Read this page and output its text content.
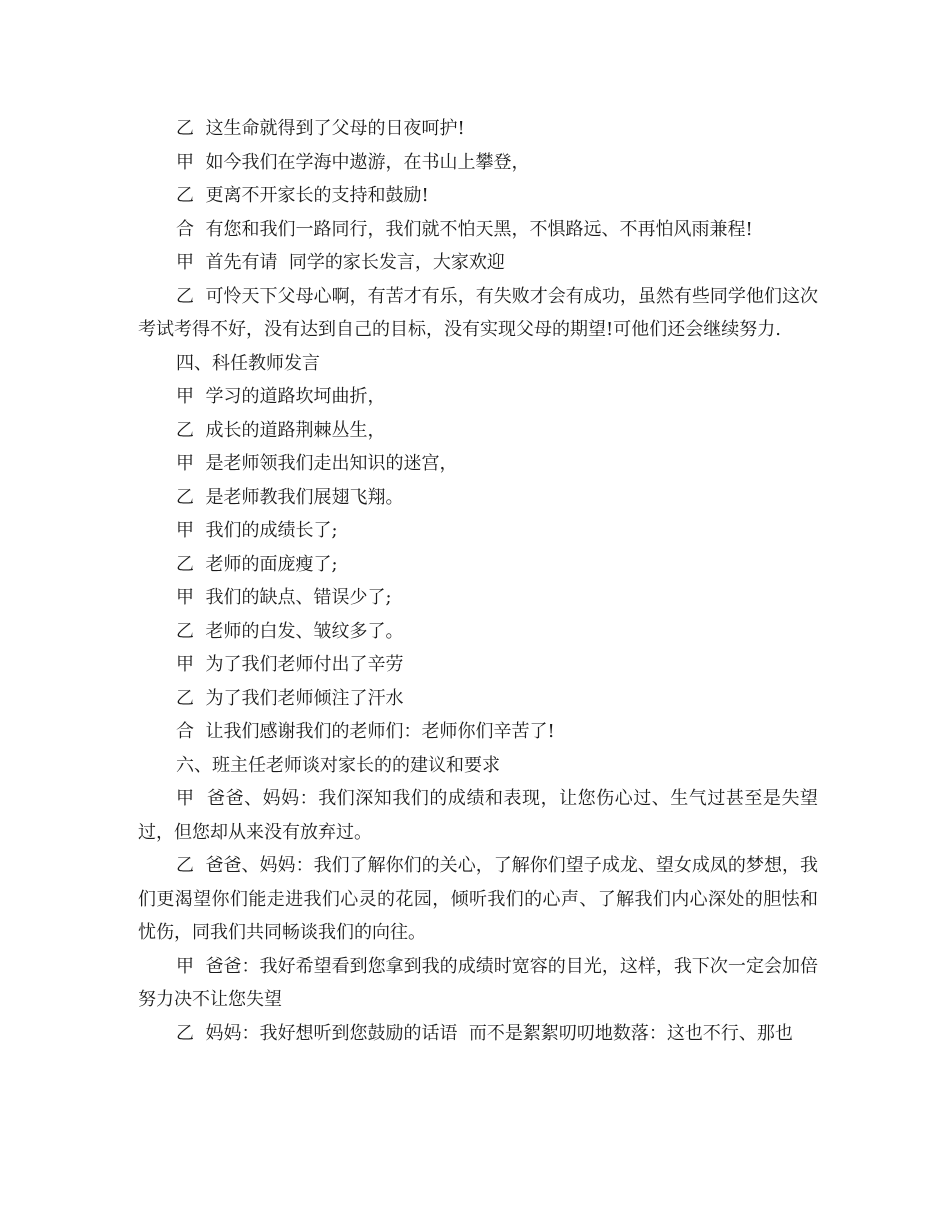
乙  这生命就得到了父母的日夜呵护!

甲  如今我们在学海中遨游，在书山上攀登，

乙  更离不开家长的支持和鼓励!

合  有您和我们一路同行，我们就不怕天黑，不惧路远、不再怕风雨兼程!

甲  首先有请  同学的家长发言，大家欢迎

乙  可怜天下父母心啊，有苦才有乐，有失败才会有成功，虽然有些同学他们这次考试考得不好，没有达到自己的目标，没有实现父母的期望!可他们还会继续努力.

四、科任教师发言

甲  学习的道路坎坷曲折，

乙  成长的道路荆棘丛生，

甲  是老师领我们走出知识的迷宫，

乙  是老师教我们展翅飞翔。

甲  我们的成绩长了;

乙  老师的面庞瘦了;

甲  我们的缺点、错误少了;

乙  老师的白发、皱纹多了。

甲  为了我们老师付出了辛劳

乙  为了我们老师倾注了汗水

合  让我们感谢我们的老师们：老师你们辛苦了!

六、班主任老师谈对家长的的建议和要求

甲  爸爸、妈妈：我们深知我们的成绩和表现，让您伤心过、生气过甚至是失望过，但您却从来没有放弃过。

乙  爸爸、妈妈：我们了解你们的关心，了解你们望子成龙、望女成凤的梦想，我们更渴望你们能走进我们心灵的花园，倾听我们的心声、了解我们内心深处的胆怯和忧伤，同我们共同畅谈我们的向往。

甲  爸爸：我好希望看到您拿到我的成绩时宽容的目光，这样，我下次一定会加倍努力决不让您失望

乙  妈妈：我好想听到您鼓励的话语  而不是絮絮叨叨地数落：这也不行、那也
